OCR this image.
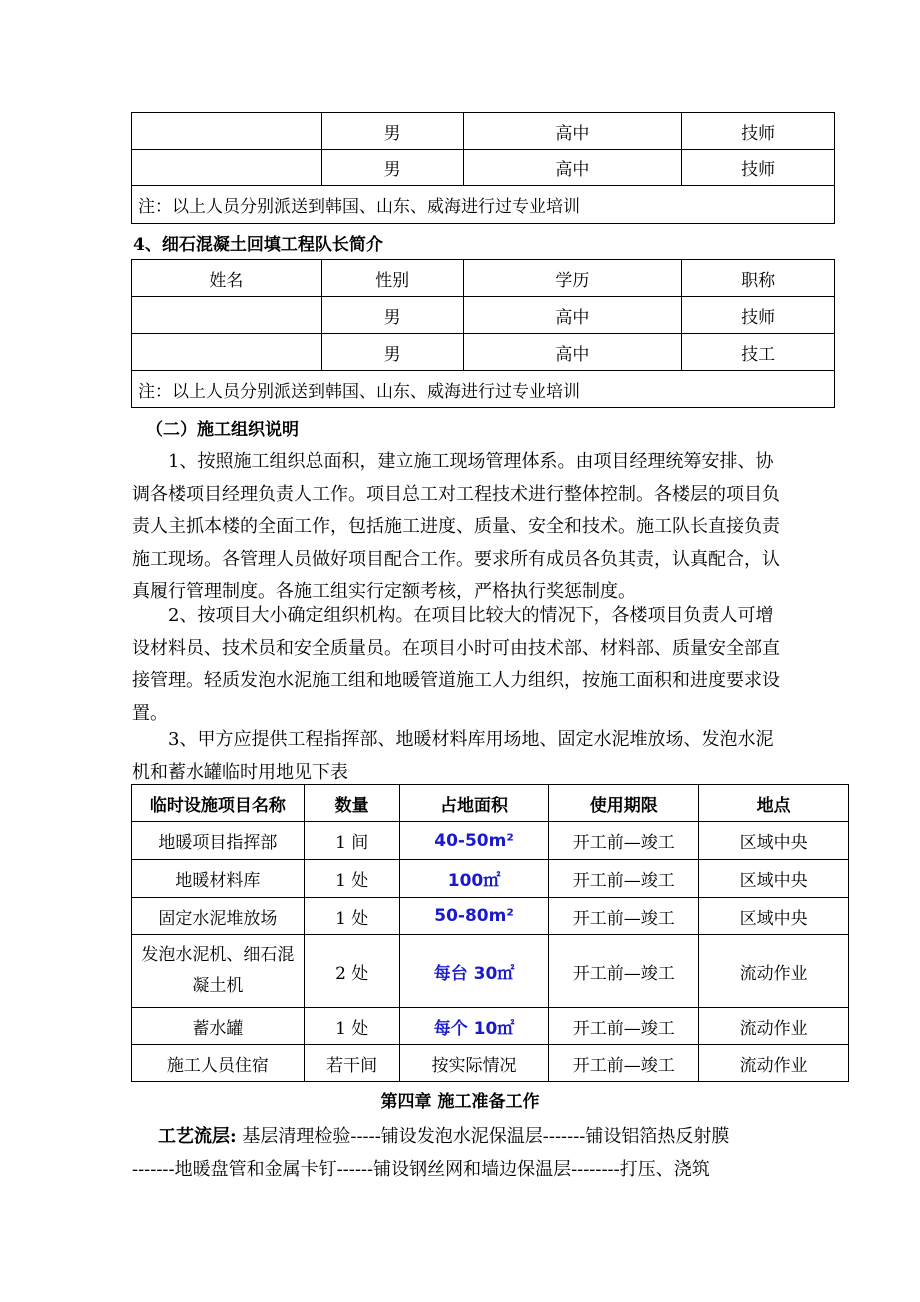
	男	高中	技师
	男	高中	技师
注：以上人员分别派送到韩国、山东、威海进行过专业培训			
4、细石混凝土回填工程队长简介
姓名	性别	学历	职称
	男	高中	技师
	男	高中	技工
注：以上人员分别派送到韩国、山东、威海进行过专业培训			
（二）施工组织说明

1、按照施工组织总面积，建立施工现场管理体系。由项目经理统筹安排、协调各楼项目经理负责人工作。项目总工对工程技术进行整体控制。各楼层的项目负责人主抓本楼的全面工作，包括施工进度、质量、安全和技术。施工队长直接负责施工现场。各管理人员做好项目配合工作。要求所有成员各负其责，认真配合，认真履行管理制度。各施工组实行定额考核，严格执行奖惩制度。

2、按项目大小确定组织机构。在项目比较大的情况下，各楼项目负责人可增设材料员、技术员和安全质量员。在项目小时可由技术部、材料部、质量安全部直接管理。轻质发泡水泥施工组和地暖管道施工人力组织，按施工面积和进度要求设置。

3、甲方应提供工程指挥部、地暖材料库用场地、固定水泥堆放场、发泡水泥机和蓄水罐临时用地见下表

临时设施项目名称	数量	占地面积	使用期限	地点
地暖项目指挥部	1 间	40-50m²	开工前—竣工	区域中央
地暖材料库	1 处	100㎡	开工前—竣工	区域中央
固定水泥堆放场	1 处	50-80m²	开工前—竣工	区域中央
发泡水泥机、细石混
凝土机	2 处	每台 30㎡	开工前—竣工	流动作业
蓄水罐	1 处	每个 10㎡	开工前—竣工	流动作业
施工人员住宿	若干间	按实际情况	开工前—竣工	流动作业
第四章 施工准备工作
工艺流层: 基层清理检验-----铺设发泡水泥保温层-------铺设铝箔热反射膜
-------地暖盘管和金属卡钉------铺设钢丝网和墙边保温层--------打压、浇筑
